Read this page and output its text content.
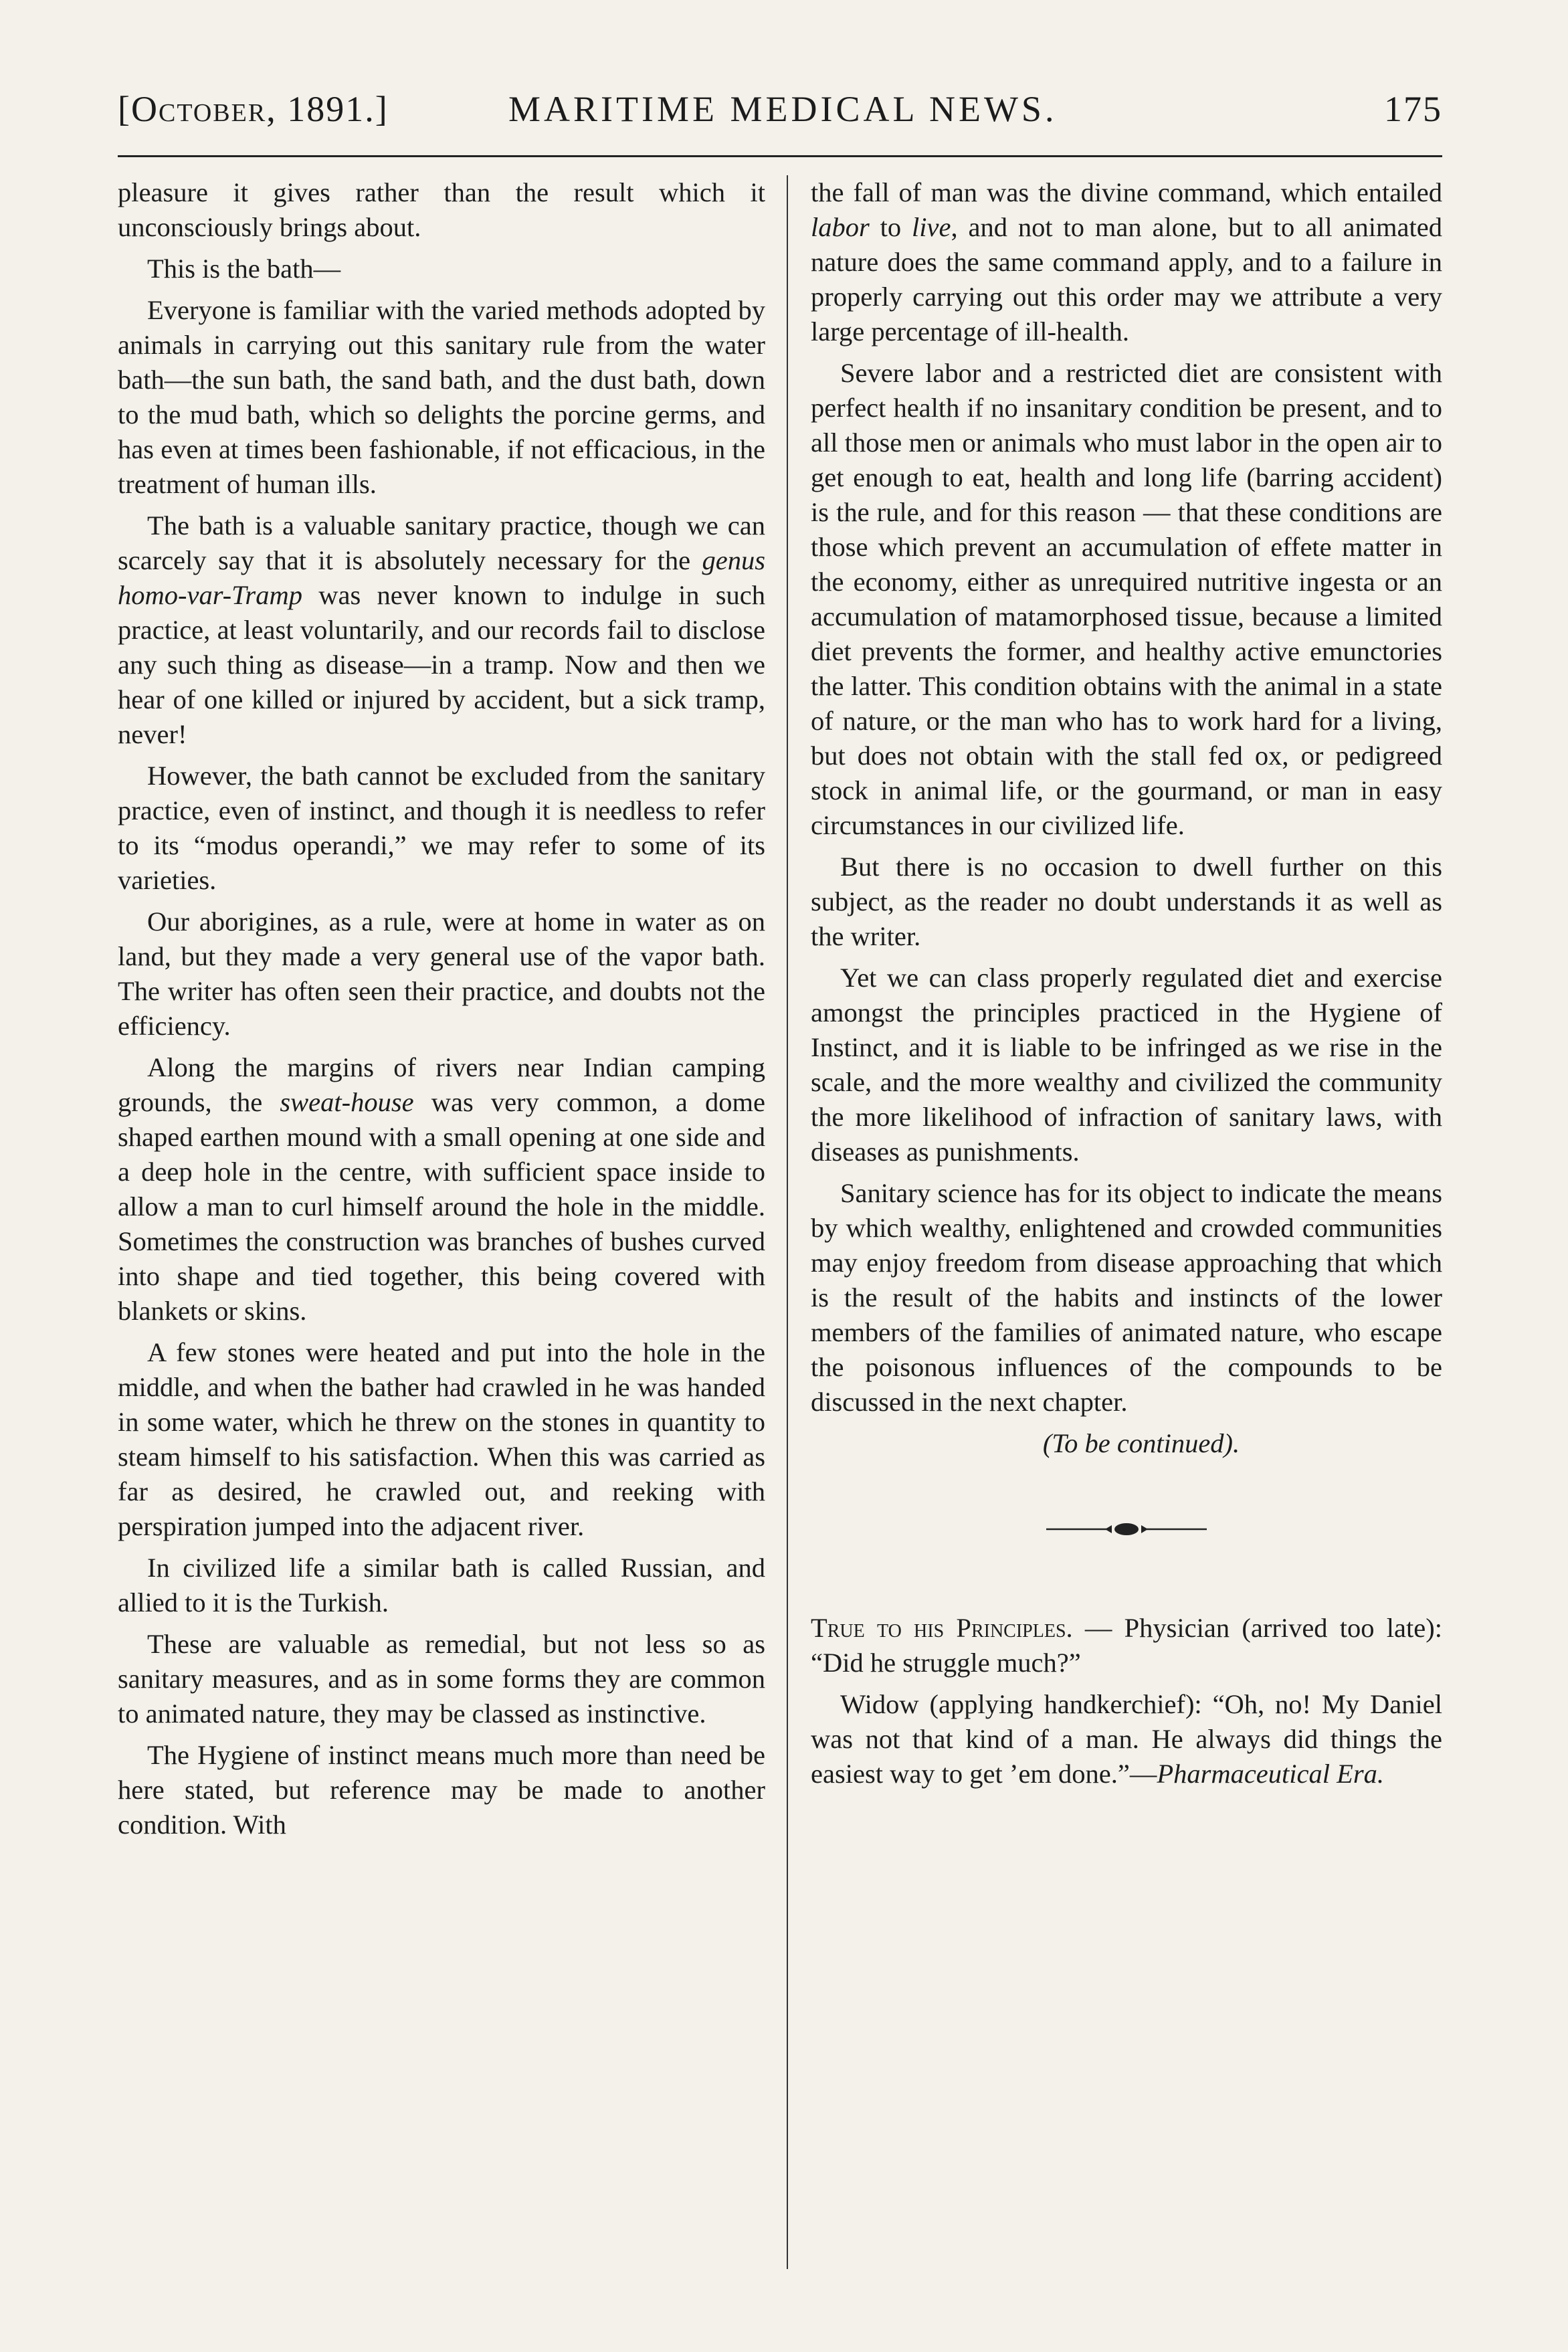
[October, 1891.]	MARITIME MEDICAL NEWS.	175

pleasure it gives rather than the result which it unconsciously brings about.

This is the bath—

Everyone is familiar with the varied methods adopted by animals in carrying out this sanitary rule from the water bath—the sun bath, the sand bath, and the dust bath, down to the mud bath, which so delights the porcine germs, and has even at times been fashionable, if not efficacious, in the treatment of human ills.

The bath is a valuable sanitary practice, though we can scarcely say that it is absolutely necessary for the genus homo-var-Tramp was never known to indulge in such practice, at least voluntarily, and our records fail to disclose any such thing as disease—in a tramp. Now and then we hear of one killed or injured by accident, but a sick tramp, never!

However, the bath cannot be excluded from the sanitary practice, even of instinct, and though it is needless to refer to its “modus operandi,” we may refer to some of its varieties.

Our aborigines, as a rule, were at home in water as on land, but they made a very general use of the vapor bath. The writer has often seen their practice, and doubts not the efficiency.

Along the margins of rivers near Indian camping grounds, the sweat-house was very common, a dome shaped earthen mound with a small opening at one side and a deep hole in the centre, with sufficient space inside to allow a man to curl himself around the hole in the middle. Sometimes the construction was branches of bushes curved into shape and tied together, this being covered with blankets or skins.

A few stones were heated and put into the hole in the middle, and when the bather had crawled in he was handed in some water, which he threw on the stones in quantity to steam himself to his satisfaction. When this was carried as far as desired, he crawled out, and reeking with perspiration jumped into the adjacent river.

In civilized life a similar bath is called Russian, and allied to it is the Turkish.

These are valuable as remedial, but not less so as sanitary measures, and as in some forms they are common to animated nature, they may be classed as instinctive.

The Hygiene of instinct means much more than need be here stated, but reference may be made to another condition. With

the fall of man was the divine command, which entailed labor to live, and not to man alone, but to all animated nature does the same command apply, and to a failure in properly carrying out this order may we attribute a very large percentage of ill-health.

Severe labor and a restricted diet are consistent with perfect health if no insanitary condition be present, and to all those men or animals who must labor in the open air to get enough to eat, health and long life (barring accident) is the rule, and for this reason — that these conditions are those which prevent an accumulation of effete matter in the economy, either as unrequired nutritive ingesta or an accumulation of matamorphosed tissue, because a limited diet prevents the former, and healthy active emunctories the latter. This condition obtains with the animal in a state of nature, or the man who has to work hard for a living, but does not obtain with the stall fed ox, or pedigreed stock in animal life, or the gourmand, or man in easy circumstances in our civilized life.

But there is no occasion to dwell further on this subject, as the reader no doubt understands it as well as the writer.

Yet we can class properly regulated diet and exercise amongst the principles practiced in the Hygiene of Instinct, and it is liable to be infringed as we rise in the scale, and the more wealthy and civilized the community the more likelihood of infraction of sanitary laws, with diseases as punishments.

Sanitary science has for its object to indicate the means by which wealthy, enlightened and crowded communities may enjoy freedom from disease approaching that which is the result of the habits and instincts of the lower members of the families of animated nature, who escape the poisonous influences of the compounds to be discussed in the next chapter.

(To be continued).

True to his Principles. — Physician (arrived too late): “Did he struggle much?”

Widow (applying handkerchief): “Oh, no! My Daniel was not that kind of a man. He always did things the easiest way to get ’em done.”—Pharmaceutical Era.
